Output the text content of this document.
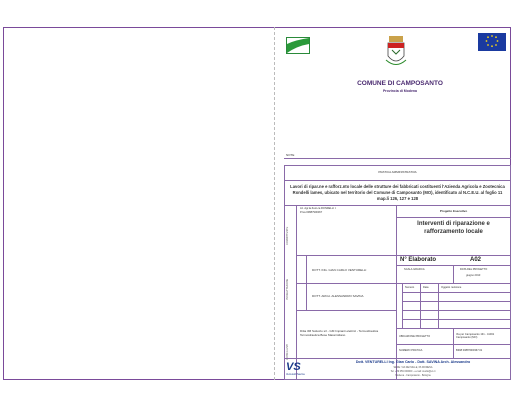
COMUNE DI CAMPOSANTO
Provincia di Modena
NOTE
PRATICA AMMINISTRATIVA
Lavori di ripar.ne e rafforz.nto locale delle strutture dei fabbricati costituenti l'Azienda Agricola e Zootecnica Rondelli lames, ubicato nel territorio del Comune di Camposanto (MO), identificato al N.C.E.U. al foglio 11 map.li 126, 127 e 128
COMMITTENTE
PROGETTAZIONE
CONSULENTI
Az. Agr.la Zoot.ca RONDELLI I.
P.Iva 00887900367	Progetto Esecutivo
Interventi di riparazione e rafforzamento locale
N° Elaborato	A02
SCALA GRAFICA	DATA DEL PROGETTO
giugno 2013
DOTT. ING. GIAN CARLO VENTURELLI
DOTT. ARCH. ALESSANDRO SAVINA
Numero	Data	Oggetto revisione
Ditta 3M Sottozio srl - GM Impianti elettrici - Termoidraulica Termoidraulica Bose Massimiliano	UBICAZIONE PROGETTO
Via per Camposanto 131 - 41031 Camposanto (MO)
NUMERO PRATICA	B398 00887900367.01
VS
Venturelli Savina
Dott. VENTURELLI Ing. Gian Carlo - Dott. SAVINA Arch. Alessandro
SEDE: VIA DEI MILLE, 66 MODENA
Tel. +39 059 000000 - e-mail: studio@vs.it
Modena - Camposanto - Bologna
